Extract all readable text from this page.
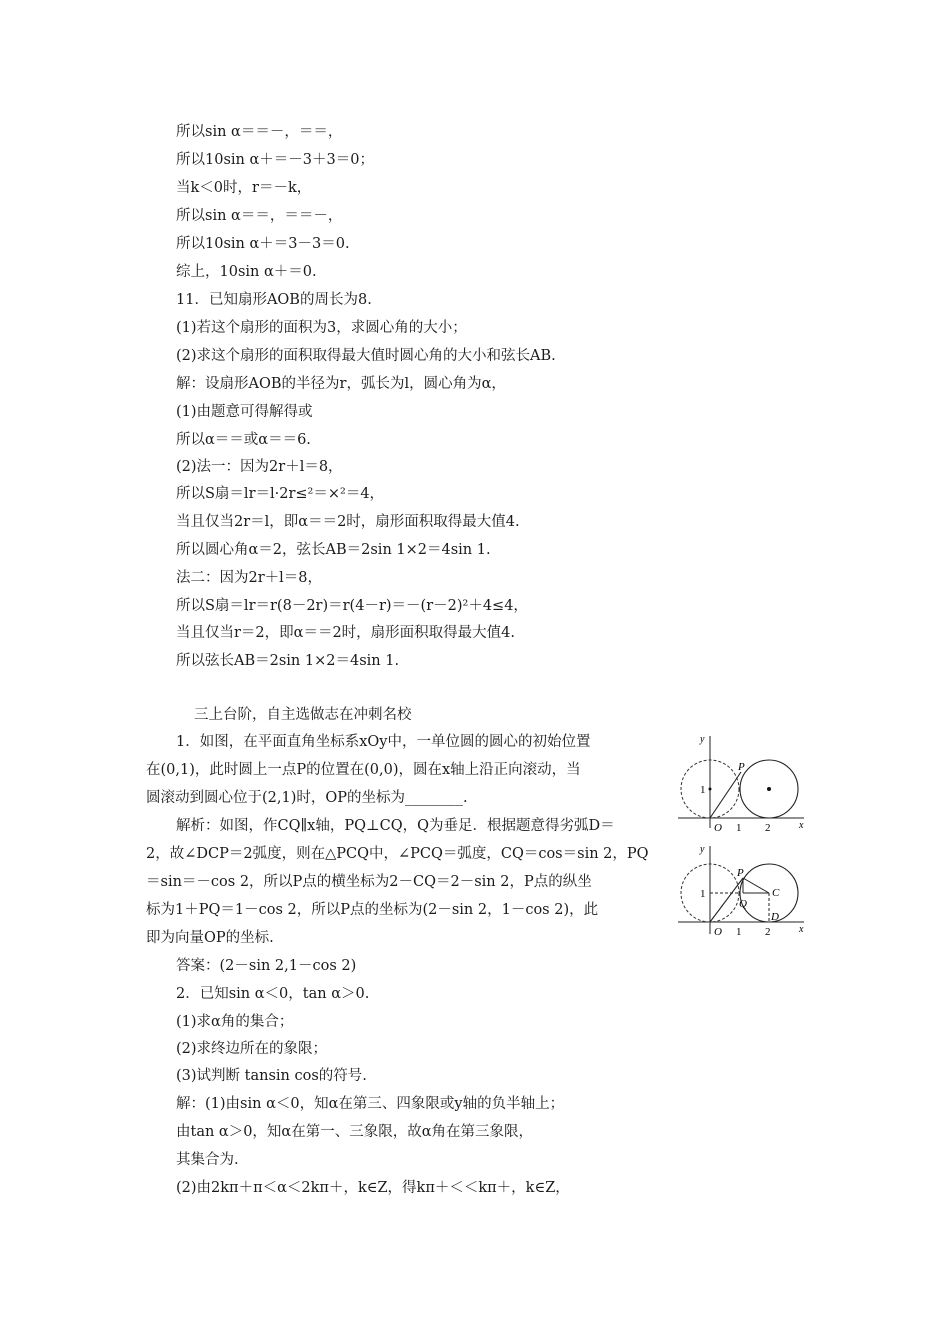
所以sin α＝＝－，＝＝，
所以10sin α＋＝－3＋3＝0；
当k＜0时，r＝－k，
所以sin α＝＝，＝＝－，
所以10sin α＋＝3－3＝0.
综上，10sin α＋＝0.
11．已知扇形AOB的周长为8.
(1)若这个扇形的面积为3，求圆心角的大小；
(2)求这个扇形的面积取得最大值时圆心角的大小和弦长AB.
解：设扇形AOB的半径为r，弧长为l，圆心角为α，
(1)由题意可得解得或
所以α＝＝或α＝＝6.
(2)法一：因为2r＋l＝8，
所以S扇＝lr＝l·2r≤²＝×²＝4，
当且仅当2r＝l，即α＝＝2时，扇形面积取得最大值4.
所以圆心角α＝2，弦长AB＝2sin 1×2＝4sin 1.
法二：因为2r＋l＝8，
所以S扇＝lr＝r(8－2r)＝r(4－r)＝－(r－2)²＋4≤4，
当且仅当r＝2，即α＝＝2时，扇形面积取得最大值4.
所以弦长AB＝2sin 1×2＝4sin 1.
三上台阶，自主选做志在冲刺名校
1．如图，在平面直角坐标系xOy中，一单位圆的圆心的初始位置
在(0,1)，此时圆上一点P的位置在(0,0)，圆在x轴上沿正向滚动，当
圆滚动到圆心位于(2,1)时，OP的坐标为________.
解析：如图，作CQ∥x轴，PQ⊥CQ，Q为垂足．根据题意得劣弧D＝
2，故∠DCP＝2弧度，则在△PCQ中，∠PCQ＝弧度，CQ＝cos＝sin 2，PQ
＝sin＝－cos 2，所以P点的横坐标为2－CQ＝2－sin 2，P点的纵坐
标为1＋PQ＝1－cos 2，所以P点的坐标为(2－sin 2，1－cos 2)，此
即为向量OP的坐标.
答案：(2－sin 2,1－cos 2)
2．已知sin α＜0，tan α＞0.
(1)求α角的集合；
(2)求终边所在的象限；
(3)试判断 tansin cos的符号.
解：(1)由sin α＜0，知α在第三、四象限或y轴的负半轴上；
由tan α＞0，知α在第一、三象限，故α角在第三象限，
其集合为.
(2)由2kπ＋π＜α＜2kπ＋，k∈Z，得kπ＋＜＜kπ＋，k∈Z，
y
x
O
1
1 2
P
y
x
O
1
1 2
P
Q
C
D
